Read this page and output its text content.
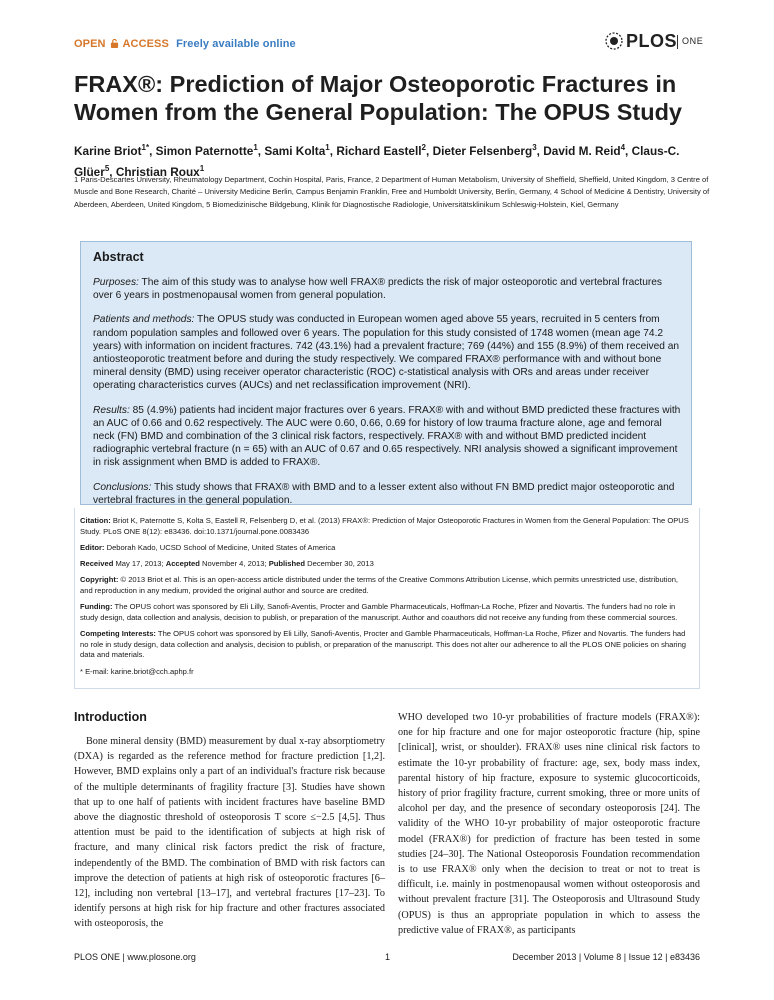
OPEN ACCESS Freely available online	PLOS ONE
FRAX®: Prediction of Major Osteoporotic Fractures in Women from the General Population: The OPUS Study
Karine Briot$^{1*}$, Simon Paternotte$^1$, Sami Kolta$^1$, Richard Eastell$^2$, Dieter Felsenberg$^3$, David M. Reid$^4$, Claus-C. Glüer$^5$, Christian Roux$^1$
1 Paris-Descartes University, Rheumatology Department, Cochin Hospital, Paris, France, 2 Department of Human Metabolism, University of Sheffield, Sheffield, United Kingdom, 3 Centre of Muscle and Bone Research, Charité – University Medicine Berlin, Campus Benjamin Franklin, Free and Humboldt University, Berlin, Germany, 4 School of Medicine & Dentistry, University of Aberdeen, Aberdeen, United Kingdom, 5 Biomedizinische Bildgebung, Klinik für Diagnostische Radiologie, Universitätsklinikum Schleswig-Holstein, Kiel, Germany
Abstract

Purposes: The aim of this study was to analyse how well FRAX® predicts the risk of major osteoporotic and vertebral fractures over 6 years in postmenopausal women from general population.

Patients and methods: The OPUS study was conducted in European women aged above 55 years, recruited in 5 centers from random population samples and followed over 6 years. The population for this study consisted of 1748 women (mean age 74.2 years) with information on incident fractures. 742 (43.1%) had a prevalent fracture; 769 (44%) and 155 (8.9%) of them received an antiosteoporotic treatment before and during the study respectively. We compared FRAX® performance with and without bone mineral density (BMD) using receiver operator characteristic (ROC) c-statistical analysis with ORs and areas under receiver operating characteristics curves (AUCs) and net reclassification improvement (NRI).

Results: 85 (4.9%) patients had incident major fractures over 6 years. FRAX® with and without BMD predicted these fractures with an AUC of 0.66 and 0.62 respectively. The AUC were 0.60, 0.66, 0.69 for history of low trauma fracture alone, age and femoral neck (FN) BMD and combination of the 3 clinical risk factors, respectively. FRAX® with and without BMD predicted incident radiographic vertebral fracture (n = 65) with an AUC of 0.67 and 0.65 respectively. NRI analysis showed a significant improvement in risk assignment when BMD is added to FRAX®.

Conclusions: This study shows that FRAX® with BMD and to a lesser extent also without FN BMD predict major osteoporotic and vertebral fractures in the general population.

Citation: Briot K, Paternotte S, Kolta S, Eastell R, Felsenberg D, et al. (2013) FRAX®: Prediction of Major Osteoporotic Fractures in Women from the General Population: The OPUS Study. PLoS ONE 8(12): e83436. doi:10.1371/journal.pone.0083436

Editor: Deborah Kado, UCSD School of Medicine, United States of America

Received May 17, 2013; Accepted November 4, 2013; Published December 30, 2013

Copyright: © 2013 Briot et al. This is an open-access article distributed under the terms of the Creative Commons Attribution License, which permits unrestricted use, distribution, and reproduction in any medium, provided the original author and source are credited.

Funding: The OPUS cohort was sponsored by Eli Lilly, Sanofi-Aventis, Procter and Gamble Pharmaceuticals, Hoffman-La Roche, Pfizer and Novartis. The funders had no role in study design, data collection and analysis, decision to publish, or preparation of the manuscript. Author and coauthors did not receive any funding from these commercial sources.

Competing Interests: The OPUS cohort was sponsored by Eli Lilly, Sanofi-Aventis, Procter and Gamble Pharmaceuticals, Hoffman-La Roche, Pfizer and Novartis. The funders had no role in study design, data collection and analysis, decision to publish, or preparation of the manuscript. This does not alter our adherence to all the PLOS ONE policies on sharing data and materials.

* E-mail: karine.briot@cch.aphp.fr

Introduction
Bone mineral density (BMD) measurement by dual x-ray absorptiometry (DXA) is regarded as the reference method for fracture prediction [1,2]. However, BMD explains only a part of an individual's fracture risk because of the multiple determinants of fragility fracture [3]. Studies have shown that up to one half of patients with incident fractures have baseline BMD above the diagnostic threshold of osteoporosis T score ≤−2.5 [4,5]. Thus attention must be paid to the identification of subjects at high risk of fracture, and many clinical risk factors predict the risk of fracture, independently of the BMD. The combination of BMD with risk factors can improve the detection of patients at high risk of osteoporotic fractures [6–12], including non vertebral [13–17], and vertebral fractures [17–23]. To identify persons at high risk for hip fracture and other fractures associated with osteoporosis, the
WHO developed two 10-yr probabilities of fracture models (FRAX®): one for hip fracture and one for major osteoporotic fracture (hip, spine [clinical], wrist, or shoulder). FRAX® uses nine clinical risk factors to estimate the 10-yr probability of fracture: age, sex, body mass index, parental history of hip fracture, exposure to systemic glucocorticoids, history of prior fragility fracture, current smoking, three or more units of alcohol per day, and the presence of secondary osteoporosis [24]. The validity of the WHO 10-yr probability of major osteoporotic fracture model (FRAX®) for prediction of fracture has been tested in some studies [24–30]. The National Osteoporosis Foundation recommendation is to use FRAX® only when the decision to treat or not to treat is difficult, i.e. mainly in postmenopausal women without osteoporosis and without prevalent fracture [31]. The Osteoporosis and Ultrasound Study (OPUS) is thus an appropriate population in which to assess the predictive value of FRAX®, as participants
PLOS ONE | www.plosone.org	1	December 2013 | Volume 8 | Issue 12 | e83436
